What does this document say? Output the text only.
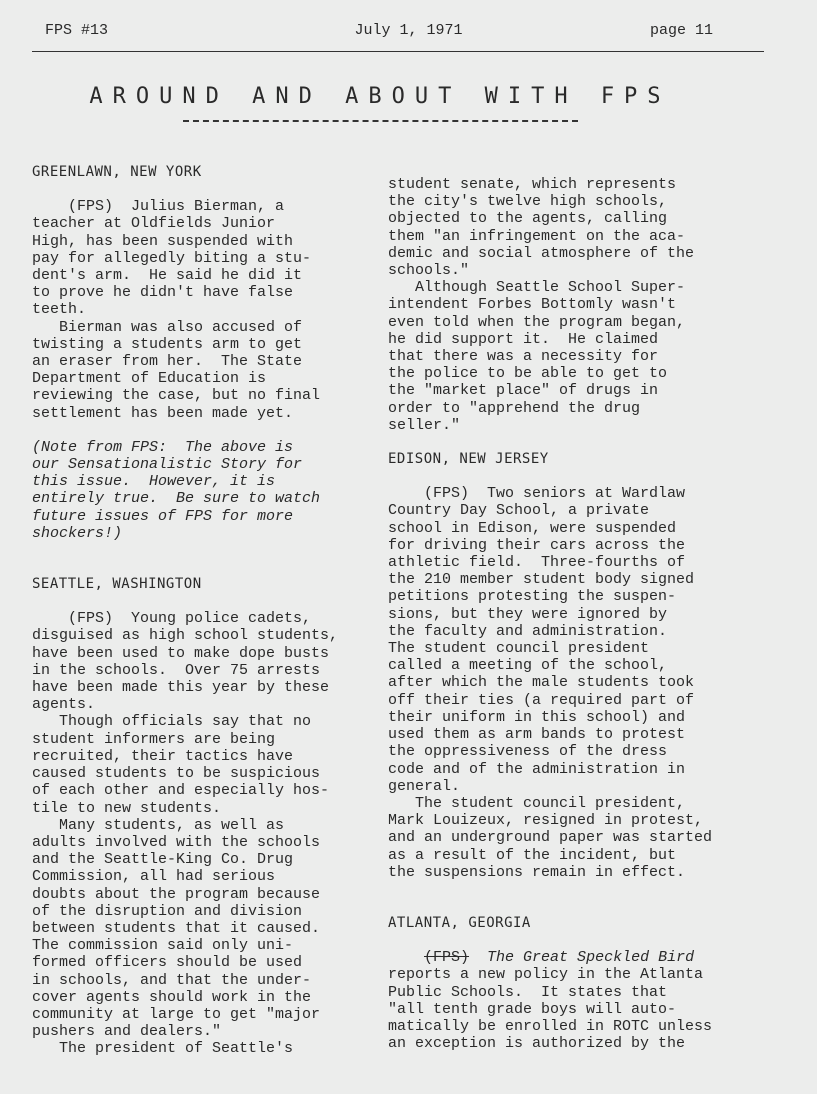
FPS #13	July 1, 1971	page 11
AROUND AND ABOUT WITH FPS
GREENLAWN, NEW YORK

(FPS)  Julius Bierman, a
teacher at Oldfields Junior
High, has been suspended with
pay for allegedly biting a stu-
dent's arm.  He said he did it
to prove he didn't have false
teeth.

Bierman was also accused of
twisting a students arm to get
an eraser from her.  The State
Department of Education is
reviewing the case, but no final
settlement has been made yet.

(Note from FPS:  The above is
our Sensationalistic Story for
this issue.  However, it is
entirely true.  Be sure to watch
future issues of FPS for more
shockers!)

SEATTLE, WASHINGTON

(FPS)  Young police cadets,
disguised as high school students,
have been used to make dope busts
in the schools.  Over 75 arrests
have been made this year by these
agents.

Though officials say that no
student informers are being
recruited, their tactics have
caused students to be suspicious
of each other and especially hos-
tile to new students.

Many students, as well as
adults involved with the schools
and the Seattle-King Co. Drug
Commission, all had serious
doubts about the program because
of the disruption and division
between students that it caused.
The commission said only uni-
formed officers should be used
in schools, and that the under-
cover agents should work in the
community at large to get "major
pushers and dealers."

The president of Seattle's

student senate, which represents
the city's twelve high schools,
objected to the agents, calling
them "an infringement on the aca-
demic and social atmosphere of the
schools."

Although Seattle School Super-
intendent Forbes Bottomly wasn't
even told when the program began,
he did support it.  He claimed
that there was a necessity for
the police to be able to get to
the "market place" of drugs in
order to "apprehend the drug
seller."

EDISON, NEW JERSEY

(FPS)  Two seniors at Wardlaw
Country Day School, a private
school in Edison, were suspended
for driving their cars across the
athletic field.  Three-fourths of
the 210 member student body signed
petitions protesting the suspen-
sions, but they were ignored by
the faculty and administration.
The student council president
called a meeting of the school,
after which the male students took
off their ties (a required part of
their uniform in this school) and
used them as arm bands to protest
the oppressiveness of the dress
code and of the administration in
general.

The student council president,
Mark Louizeux, resigned in protest,
and an underground paper was started
as a result of the incident, but
the suspensions remain in effect.

ATLANTA, GEORGIA

(FPS) The Great Speckled Bird

reports a new policy in the Atlanta
Public Schools.  It states that
"all tenth grade boys will auto-
matically be enrolled in ROTC unless
an exception is authorized by the
